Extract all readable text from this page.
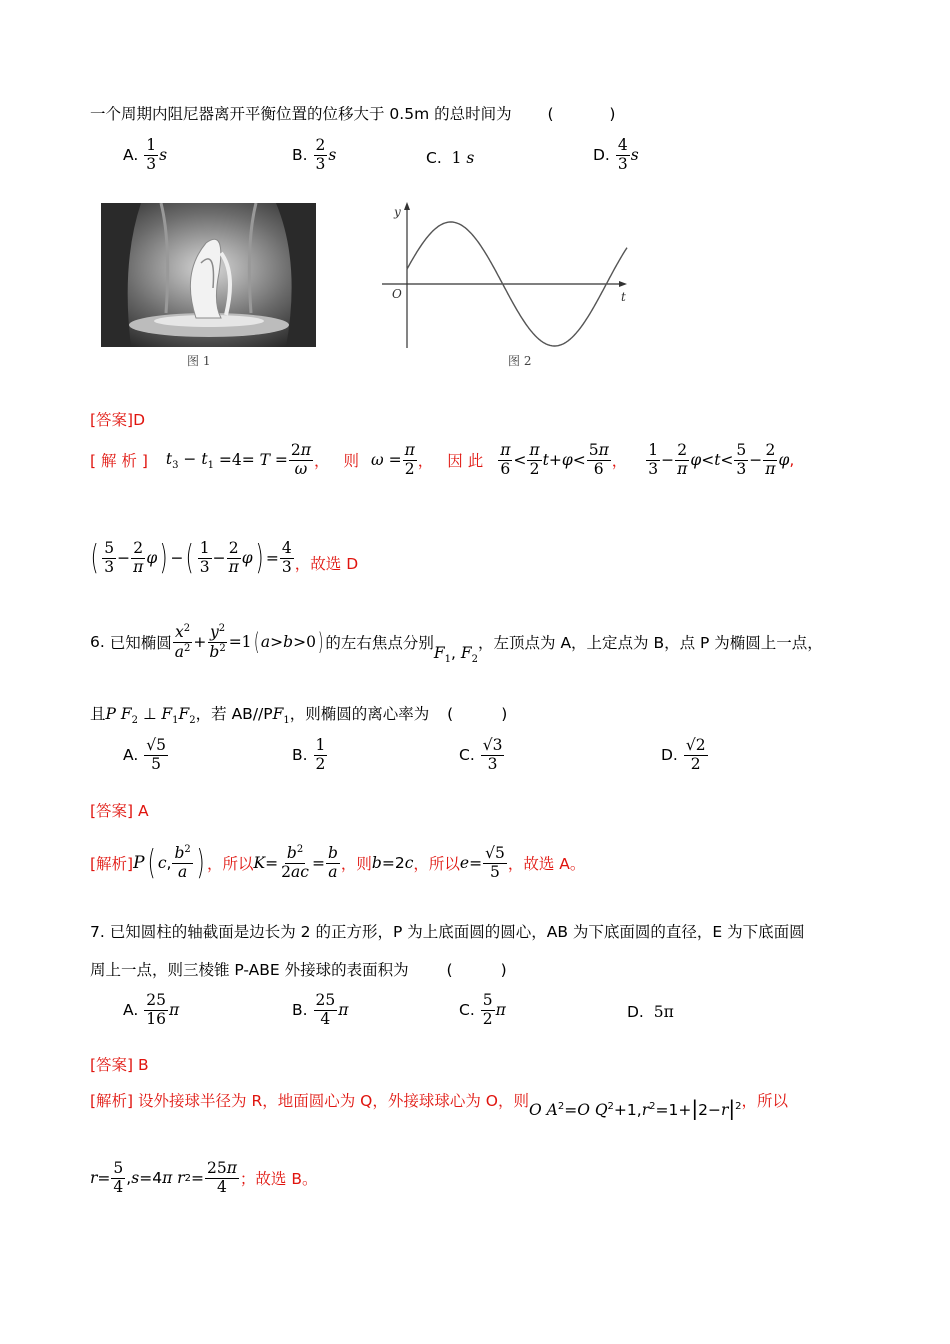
一个周期内阻尼器离开平衡位置的位移大于 0.5m 的总时间为 (	)
A.
$\frac{1}{3}$ s	B.
$\frac{2}{3}$ s	C. 1 s	D.
$\frac{4}{3}$ s
图 1
y
t
O
图 2
[答案]D
[ 解 析 ] $t_3 - t_1 =4= T = \frac{2\pi}{\omega}$ ， 则 $\omega = \frac{\pi}{2}$ ， 因 此 $\frac{\pi}{6} < \frac{\pi}{2}$ $t + \varphi < \frac{5\pi}{6}$ ， $\frac{1}{3} - \frac{2}{\pi}$ $\varphi < t < \frac{5}{3} - \frac{2}{\pi}$ φ ,
( $\frac{5}{3} - \frac{2}{\pi}$ φ ) − ( $\frac{1}{3} - \frac{2}{\pi}$ φ ) = $\frac{4}{3}$ ，故选 D
6.
已知椭圆 $\frac{x^2}{a^2} + \frac{y^2}{b^2} =1$ ( a > b > 0 ) 的左右焦点分别
$F_1$, $F_2$
，左顶点为 A，上定点为 B，点 P 为椭圆上一点，
且P $F_2$ ⊥ $F_1F_2$，若 $AB//PF_1$，则椭圆的离心率为 (	)
A.
$\frac{√5}{5}$	B.
$\frac{1}{2}$	C.
$\frac{√3}{3}$	D.
$\frac{√2}{2}$
[答案] A
[解析] P ( c , $\frac{b^2}{a}$ ) ，所以 $K = \frac{b^2}{2ac} = \frac{b}{a}$ ，则 b=2c ，所以 $e = \frac{√5}{5}$ ，故选 A。
7. 已知圆柱的轴截面是边长为 2 的正方形，P 为上底面圆的圆心，AB 为下底面圆的直径，E 为下底面圆
周上一点，则三棱锥 P-ABE 外接球的表面积为 (	)
A.
$\frac{25}{16}$ π	B.
$\frac{25}{4}$ π	C.
$\frac{5}{2}$ π	D. 5π
[答案] B
[解析] 设外接球半径为 R，地面圆心为 Q，外接球球心为 O，则 O $A^2=O$ $Q^2+1,r^2=1+|2-r|^2$ ，所以
$r = \frac{5}{4}$ , s =4 π r $2 = \frac{25\pi}{4}$ ；故选 B。
